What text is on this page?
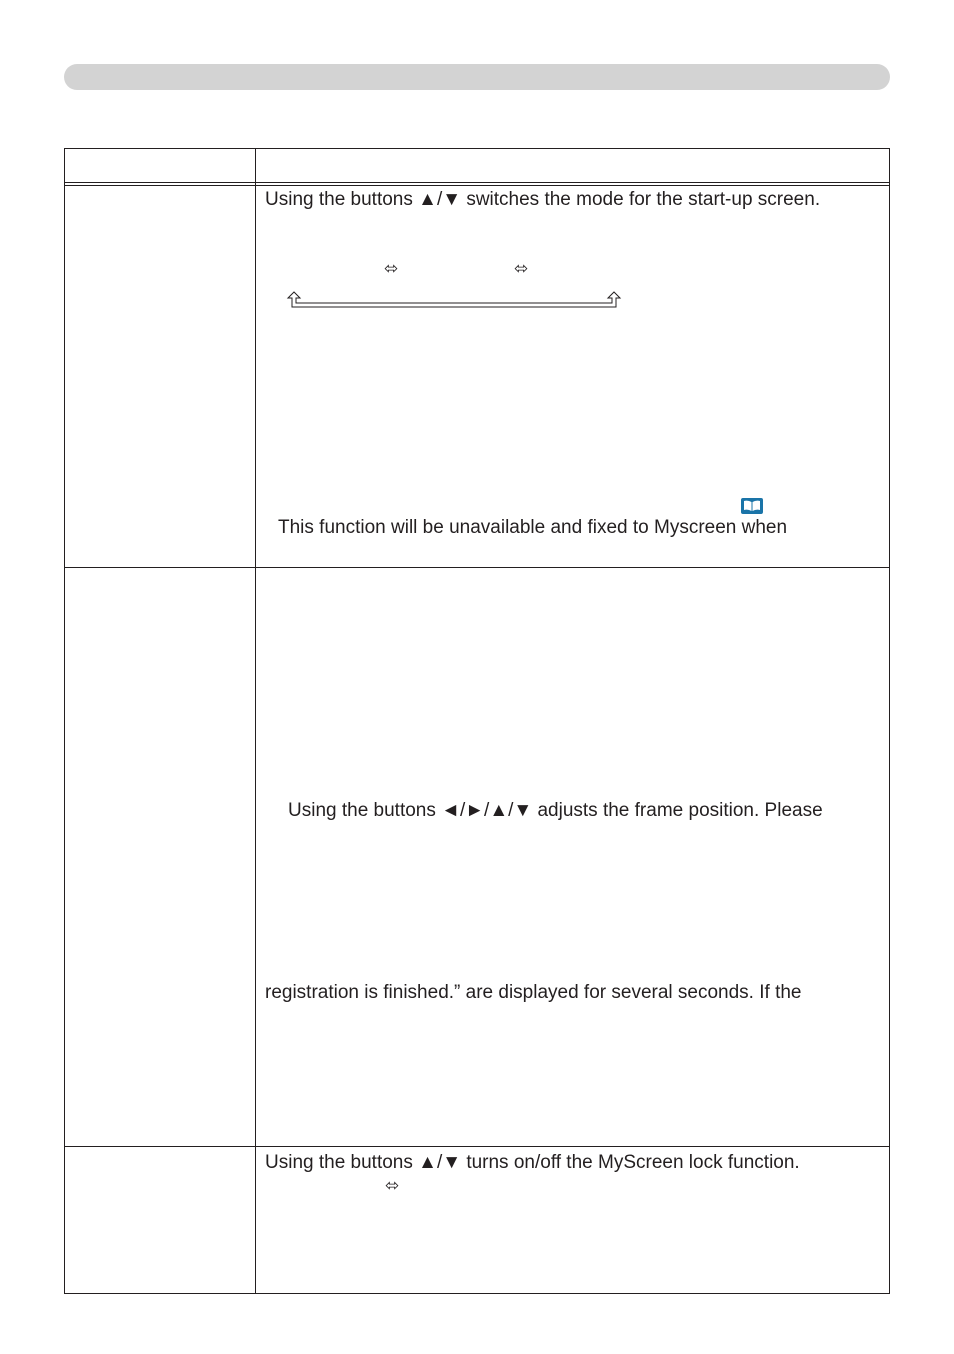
Using the buttons ▲/▼ switches the mode for the start-up screen.
⬄	⬄
This function will be unavailable and fixed to Myscreen when
Using the buttons ◄/►/▲/▼ adjusts the frame position. Please
registration is finished.” are displayed for several seconds. If the
Using the buttons ▲/▼ turns on/off the MyScreen lock function.
⬄
